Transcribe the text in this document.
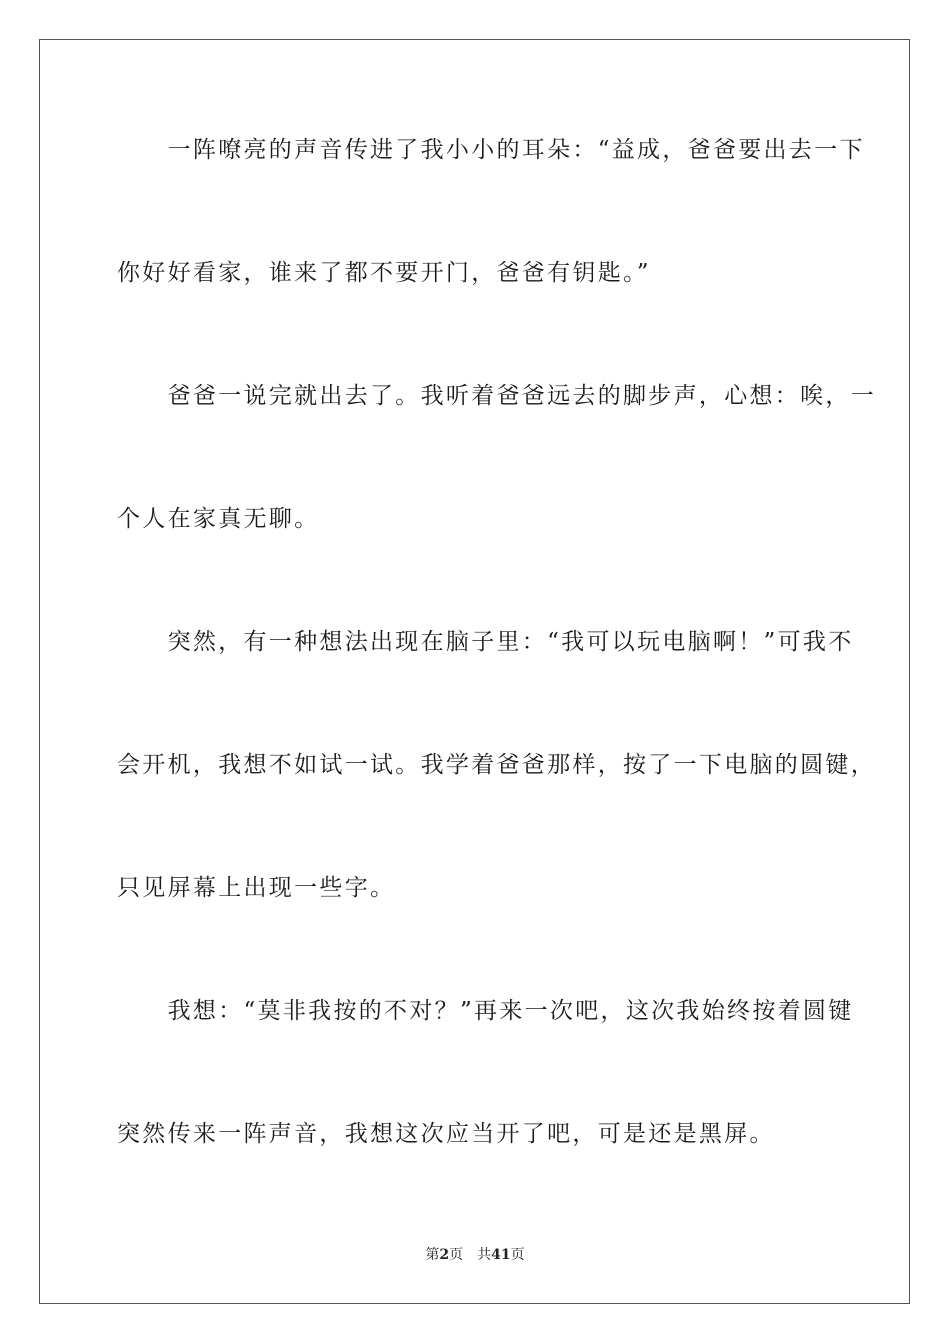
　　一阵嘹亮的声音传进了我小小的耳朵：“益成，爸爸要出去一下
你好好看家，谁来了都不要开门，爸爸有钥匙。”
　　爸爸一说完就出去了。我听着爸爸远去的脚步声，心想：唉，一
个人在家真无聊。
　　突然，有一种想法出现在脑子里：“我可以玩电脑啊！”可我不
会开机，我想不如试一试。我学着爸爸那样，按了一下电脑的圆键，
只见屏幕上出现一些字。
　　我想：“莫非我按的不对？”再来一次吧，这次我始终按着圆键
突然传来一阵声音，我想这次应当开了吧，可是还是黑屏。
第2页 共41页
